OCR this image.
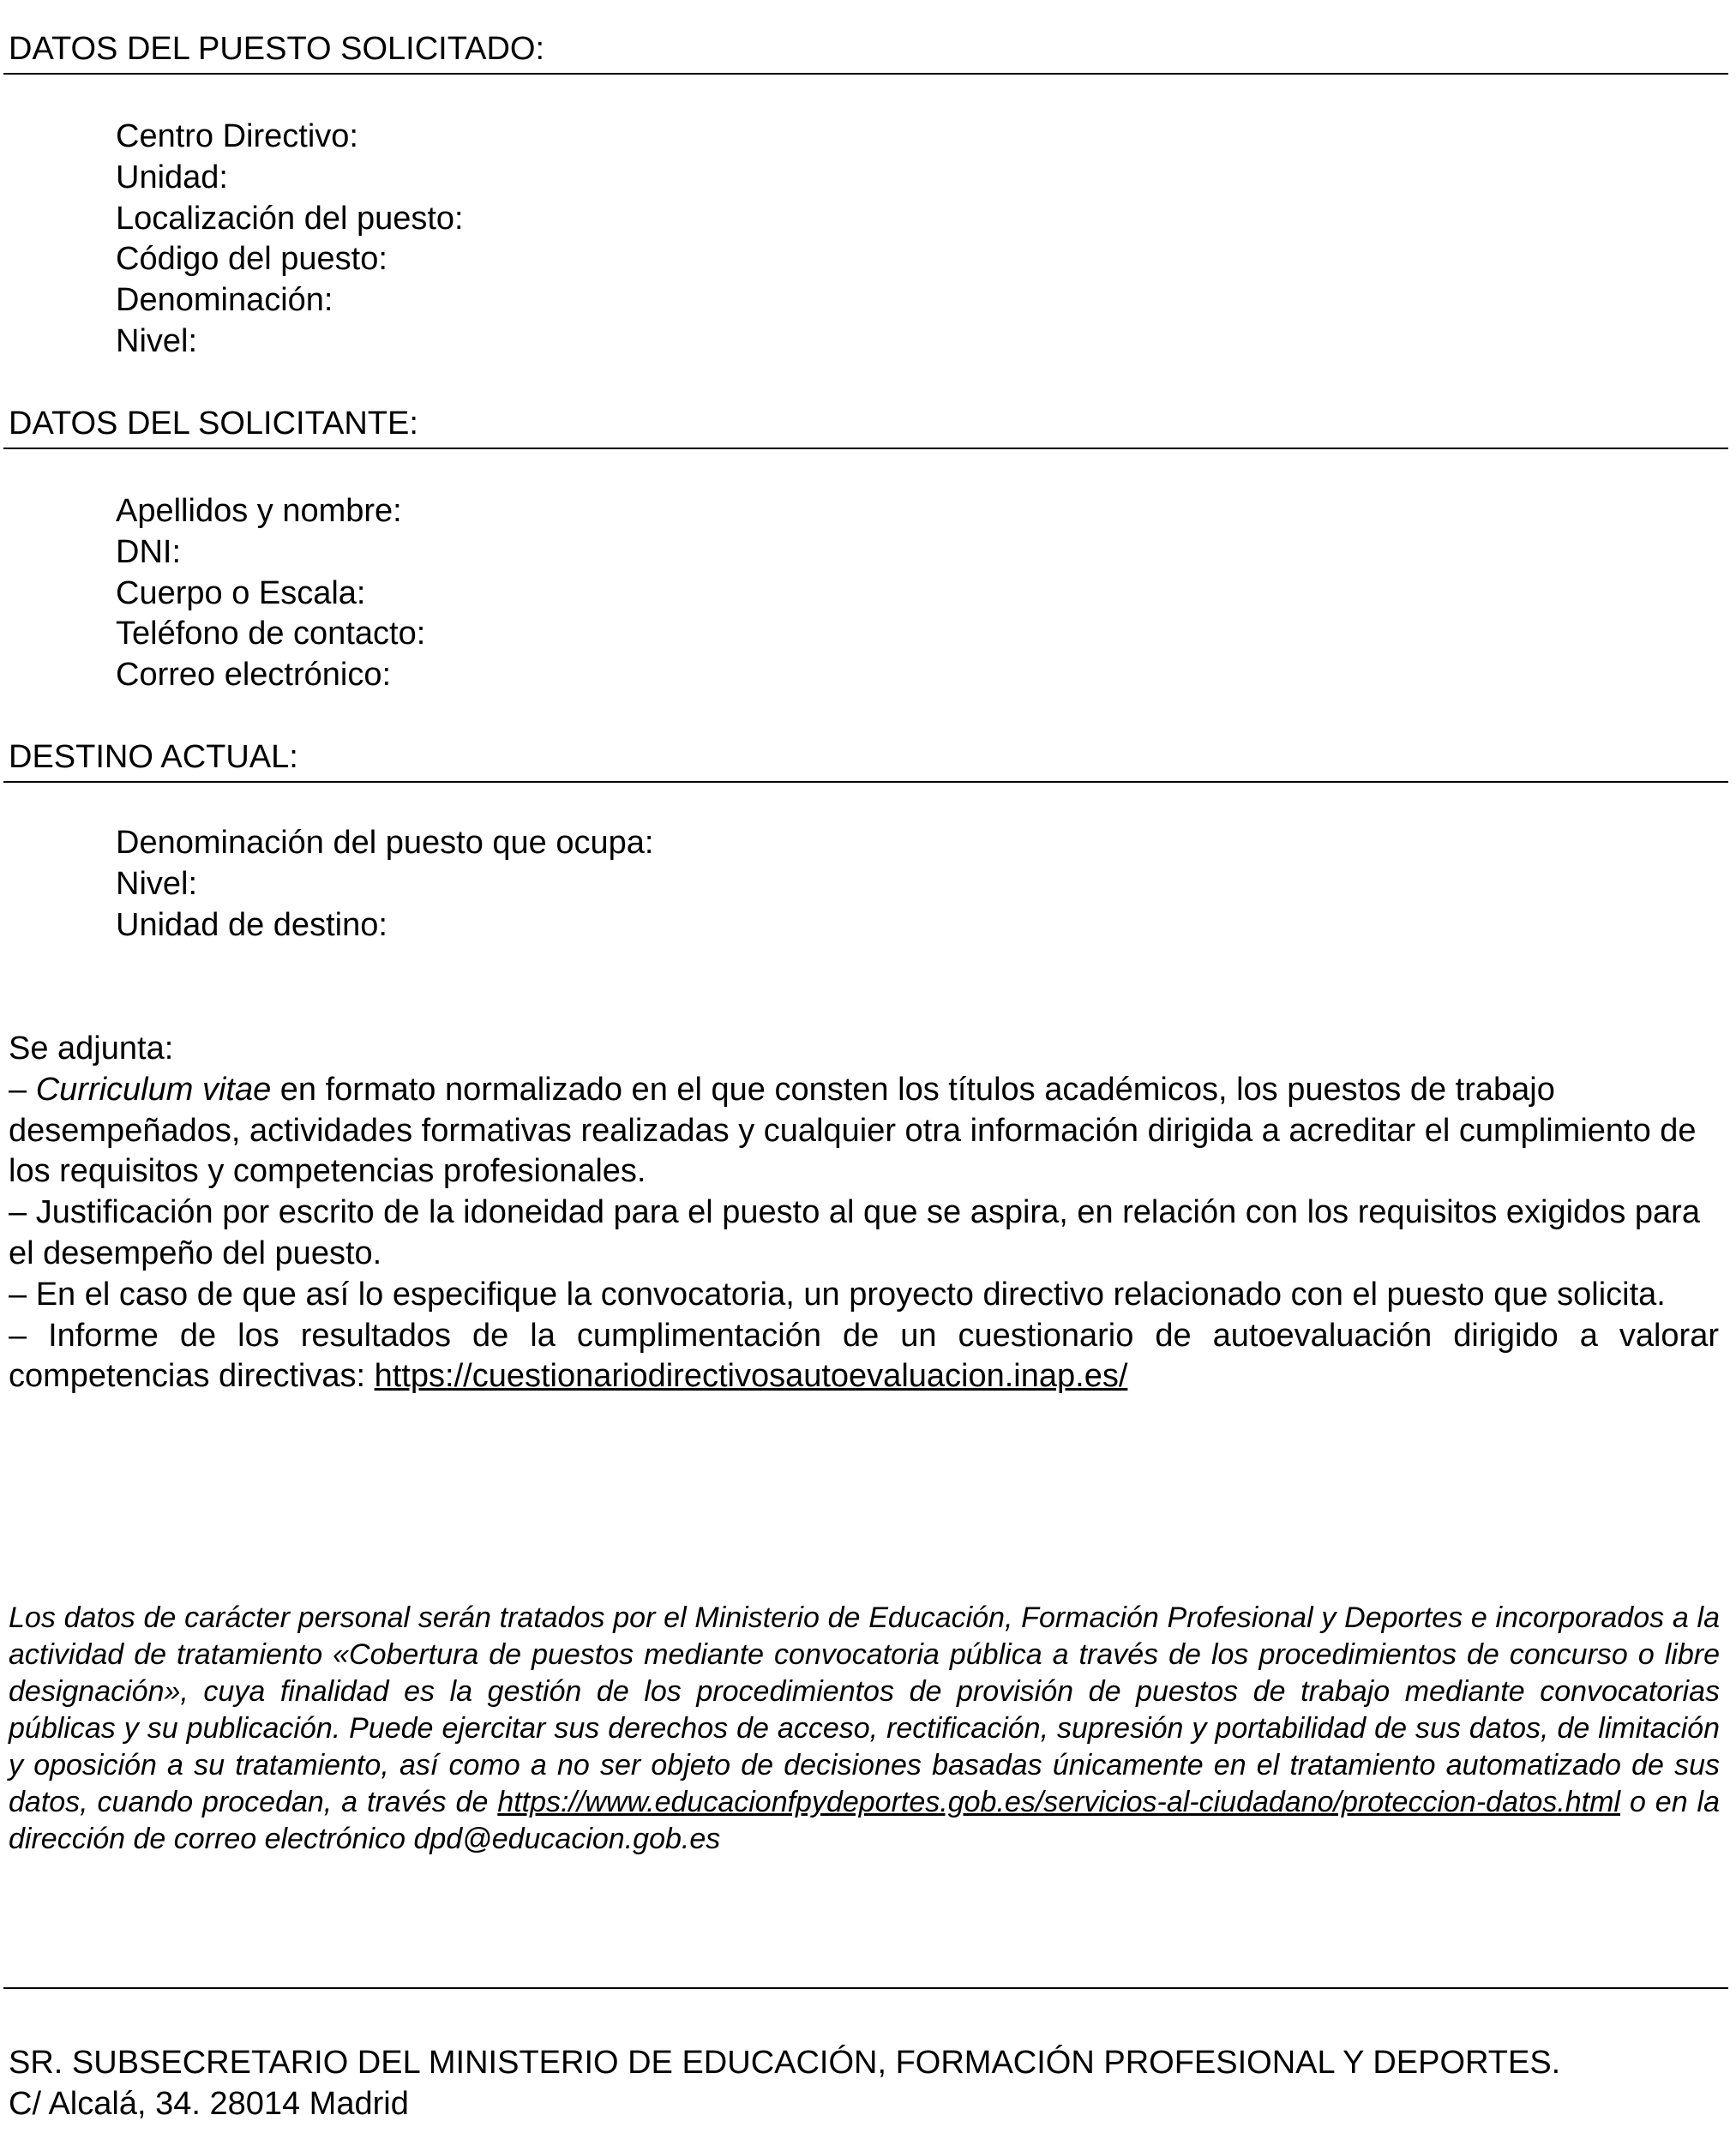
DATOS DEL PUESTO SOLICITADO:
Centro Directivo:
Unidad:
Localización del puesto:
Código del puesto:
Denominación:
Nivel:
DATOS DEL SOLICITANTE:
Apellidos y nombre:
DNI:
Cuerpo o Escala:
Teléfono de contacto:
Correo electrónico:
DESTINO ACTUAL:
Denominación del puesto que ocupa:
Nivel:
Unidad de destino:

Se adjunta:

– Curriculum vitae en formato normalizado en el que consten los títulos académicos, los puestos de trabajo desempeñados, actividades formativas realizadas y cualquier otra información dirigida a acreditar el cumplimiento de los requisitos y competencias profesionales.

– Justificación por escrito de la idoneidad para el puesto al que se aspira, en relación con los requisitos exigidos para el desempeño del puesto.

– En el caso de que así lo especifique la convocatoria, un proyecto directivo relacionado con el puesto que solicita.

– Informe de los resultados de la cumplimentación de un cuestionario de autoevaluación dirigido a valorar competencias directivas: https://cuestionariodirectivosautoevaluacion.inap.es/

Los datos de carácter personal serán tratados por el Ministerio de Educación, Formación Profesional y Deportes e incorporados a la actividad de tratamiento «Cobertura de puestos mediante convocatoria pública a través de los procedimientos de concurso o libre designación», cuya finalidad es la gestión de los procedimientos de provisión de puestos de trabajo mediante convocatorias públicas y su publicación. Puede ejercitar sus derechos de acceso, rectificación, supresión y portabilidad de sus datos, de limitación y oposición a su tratamiento, así como a no ser objeto de decisiones basadas únicamente en el tratamiento automatizado de sus datos, cuando procedan, a través de https://www.educacionfpydeportes.gob.es/servicios-al-ciudadano/proteccion-datos.html o en la dirección de correo electrónico dpd@educacion.gob.es

SR. SUBSECRETARIO DEL MINISTERIO DE EDUCACIÓN, FORMACIÓN PROFESIONAL Y DEPORTES.

C/ Alcalá, 34. 28014 Madrid
